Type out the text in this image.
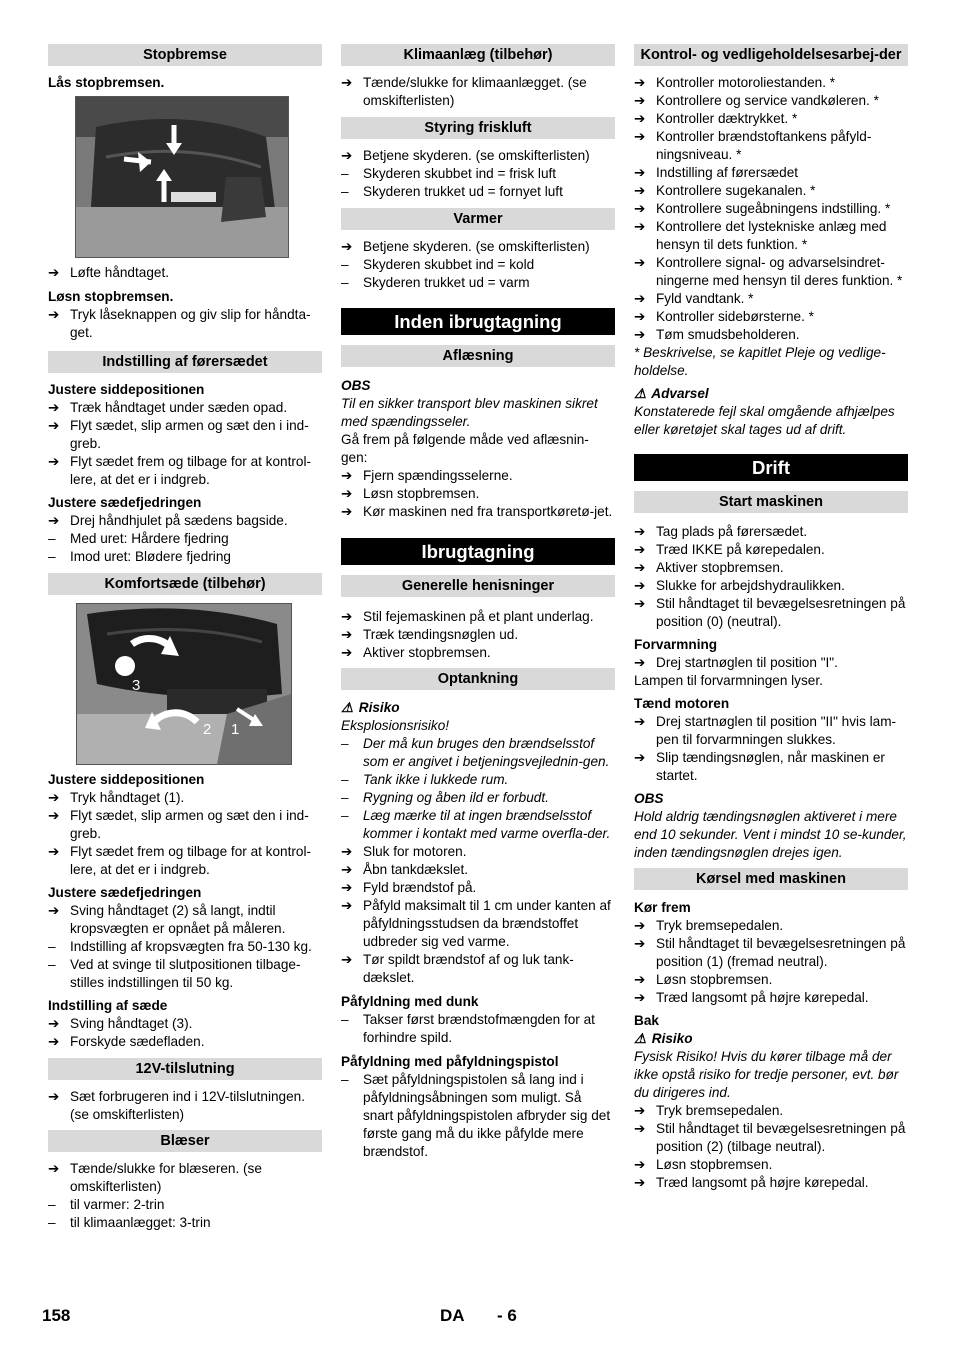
Stopbremse

Lås stopbremsen.

➔ Løfte håndtaget.

Løsn stopbremsen.

➔ Tryk låseknappen og giv slip for håndta-get.
Indstilling af førersædet

Justere siddepositionen

➔ Træk håndtaget under sæden opad.
➔ Flyt sædet, slip armen og sæt den i ind-greb.
➔ Flyt sædet frem og tilbage for at kontrol-lere, at det er i indgreb.

Justere sædefjedringen

➔ Drej håndhjulet på sædens bagside.
–	Med uret: Hårdere fjedring
–	Imod uret: Blødere fjedring
Komfortsæde (tilbehør)
3
2 1

Justere siddepositionen

➔ Tryk håndtaget (1).
➔ Flyt sædet, slip armen og sæt den i ind-greb.
➔ Flyt sædet frem og tilbage for at kontrol-lere, at det er i indgreb.

Justere sædefjedringen

➔ Sving håndtaget (2) så langt, indtil kropsvægten er opnået på måleren.
–	Indstilling af kropsvægten fra 50-130 kg.
–	Ved at svinge til slutpositionen tilbage-stilles indstillingen til 50 kg.

Indstilling af sæde

➔ Sving håndtaget (3).
➔ Forskyde sædefladen.
12V-tilslutning
➔ Sæt forbrugeren ind i 12V-tilslutningen. (se omskifterlisten)
Blæser
➔ Tænde/slukke for blæseren. (se omskifterlisten)
–	til varmer: 2-trin
–	til klimaanlægget: 3-trin
Klimaanlæg (tilbehør)
➔ Tænde/slukke for klimaanlægget. (se omskifterlisten)
Styring friskluft
➔ Betjene skyderen. (se omskifterlisten)
–	Skyderen skubbet ind = frisk luft
–	Skyderen trukket ud = fornyet luft
Varmer
➔ Betjene skyderen. (se omskifterlisten)
–	Skyderen skubbet ind = kold
–	Skyderen trukket ud = varm
Inden ibrugtagning
Aflæsning

OBS

Til en sikker transport blev maskinen sikret med spændingsseler.

Gå frem på følgende måde ved aflæsnin-gen:

➔ Fjern spændingsselerne.
➔ Løsn stopbremsen.
➔ Kør maskinen ned fra transportkøretø-jet.
Ibrugtagning
Generelle henisninger
➔ Stil fejemaskinen på et plant underlag.
➔ Træk tændingsnøglen ud.
➔ Aktiver stopbremsen.
Optankning

⚠ Risiko

Eksplosionsrisiko!

–	Der må kun bruges den brændselsstof som er angivet i betjeningsvejlednin-gen.
–	Tank ikke i lukkede rum.
–	Rygning og åben ild er forbudt.
–	Læg mærke til at ingen brændselsstof kommer i kontakt med varme overfla-der.
➔ Sluk for motoren.
➔ Åbn tankdækslet.
➔ Fyld brændstof på.
➔ Påfyld maksimalt til 1 cm under kanten af påfyldningsstudsen da brændstoffet udbreder sig ved varme.
➔ Tør spildt brændstof af og luk tank-dækslet.

Påfyldning med dunk

–	Takser først brændstofmængden for at forhindre spild.

Påfyldning med påfyldningspistol

–	Sæt påfyldningspistolen så lang ind i påfyldningsåbningen som muligt. Så snart påfyldningspistolen afbryder sig det første gang må du ikke påfylde mere brændstof.
Kontrol- og vedligeholdelsesarbej-der
➔ Kontroller motoroliestanden. *
➔ Kontrollere og service vandkøleren. *
➔ Kontroller dæktrykket. *
➔ Kontroller brændstoftankens påfyld-ningsniveau. *
➔ Indstilling af førersædet
➔ Kontrollere sugekanalen. *
➔ Kontrollere sugeåbningens indstilling. *
➔ Kontrollere det lystekniske anlæg med hensyn til dets funktion. *
➔ Kontrollere signal- og advarselsindret-ningerne med hensyn til deres funktion. *
➔ Fyld vandtank. *
➔ Kontroller sidebørsterne. *
➔ Tøm smudsbeholderen.

* Beskrivelse, se kapitlet Pleje og vedlige-holdelse.

⚠ Advarsel

Konstaterede fejl skal omgående afhjælpes eller køretøjet skal tages ud af drift.

Drift
Start maskinen
➔ Tag plads på førersædet.
➔ Træd IKKE på kørepedalen.
➔ Aktiver stopbremsen.
➔ Slukke for arbejdshydraulikken.
➔ Stil håndtaget til bevægelsesretningen på position (0) (neutral).

Forvarmning

➔ Drej startnøglen til position "I".

Lampen til forvarmningen lyser.

Tænd motoren

➔ Drej startnøglen til position "II" hvis lam-pen til forvarmningen slukkes.
➔ Slip tændingsnøglen, når maskinen er startet.

OBS

Hold aldrig tændingsnøglen aktiveret i mere end 10 sekunder. Vent i mindst 10 se-kunder, inden tændingsnøglen drejes igen.

Kørsel med maskinen

Kør frem

➔ Tryk bremsepedalen.
➔ Stil håndtaget til bevægelsesretningen på position (1) (fremad neutral).
➔ Løsn stopbremsen.
➔ Træd langsomt på højre kørepedal.

Bak

⚠ Risiko

Fysisk Risiko! Hvis du kører tilbage må der ikke opstå risiko for tredje personer, evt. bør du dirigeres ind.

➔ Tryk bremsepedalen.
➔ Stil håndtaget til bevægelsesretningen på position (2) (tilbage neutral).
➔ Løsn stopbremsen.
➔ Træd langsomt på højre kørepedal.
158	DA - 6
